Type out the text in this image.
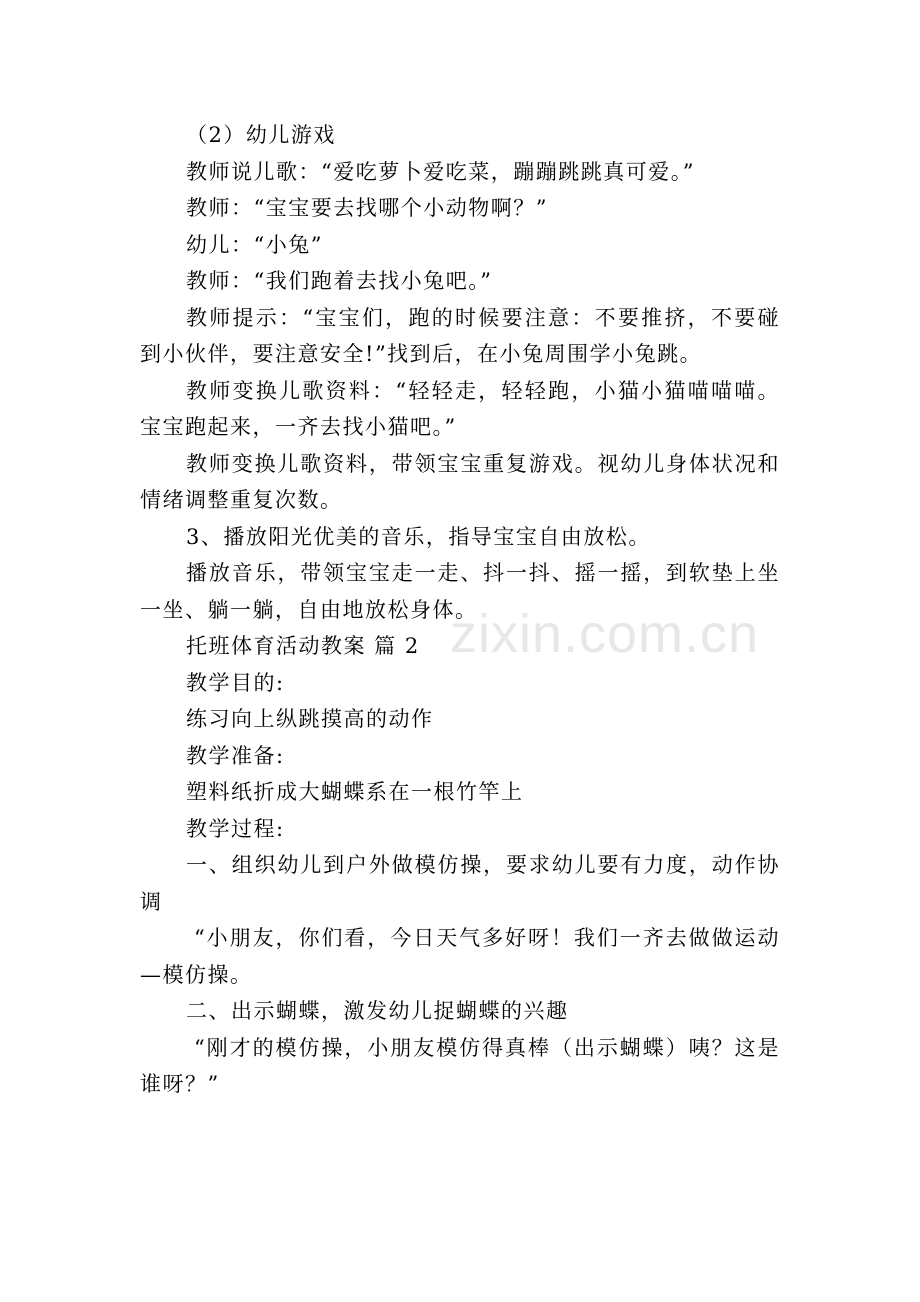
（2）幼儿游戏

教师说儿歌：“爱吃萝卜爱吃菜，蹦蹦跳跳真可爱。”

教师：“宝宝要去找哪个小动物啊？”

幼儿：“小兔”

教师：“我们跑着去找小兔吧。”

教师提示：“宝宝们，跑的时候要注意：不要推挤，不要碰到小伙伴，要注意安全!”找到后，在小兔周围学小兔跳。

教师变换儿歌资料：“轻轻走，轻轻跑，小猫小猫喵喵喵。宝宝跑起来，一齐去找小猫吧。”

教师变换儿歌资料，带领宝宝重复游戏。视幼儿身体状况和情绪调整重复次数。

3、播放阳光优美的音乐，指导宝宝自由放松。

播放音乐，带领宝宝走一走、抖一抖、摇一摇，到软垫上坐一坐、躺一躺，自由地放松身体。

托班体育活动教案 篇 2

教学目的:

练习向上纵跳摸高的动作

教学准备:

塑料纸折成大蝴蝶系在一根竹竿上

教学过程:

一、组织幼儿到户外做模仿操，要求幼儿要有力度，动作协调

“小朋友，你们看，今日天气多好呀！我们一齐去做做运动—模仿操。

二、出示蝴蝶，激发幼儿捉蝴蝶的兴趣

“刚才的模仿操，小朋友模仿得真棒（出示蝴蝶）咦？这是谁呀？”

zixin.com.cn
